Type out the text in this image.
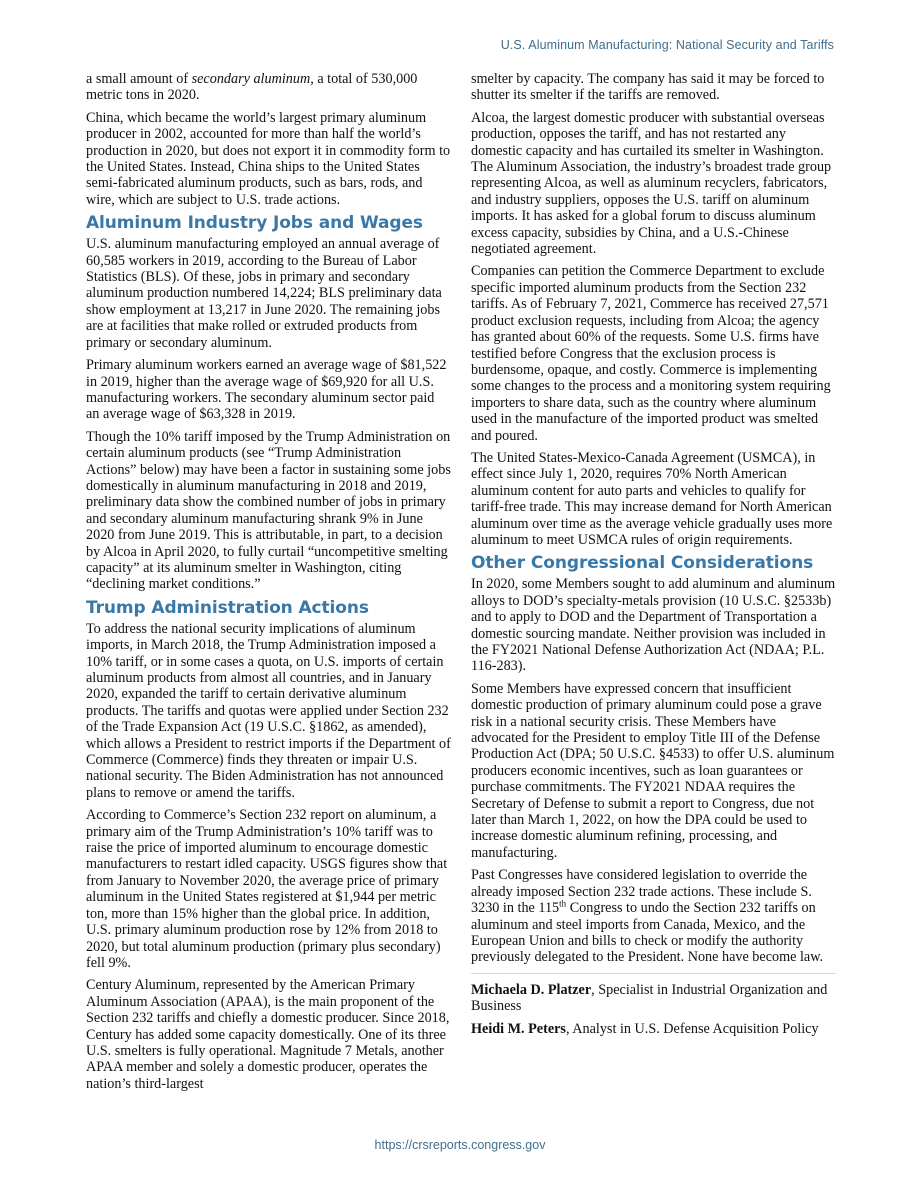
U.S. Aluminum Manufacturing: National Security and Tariffs

a small amount of secondary aluminum, a total of 530,000 metric tons in 2020.

China, which became the world’s largest primary aluminum producer in 2002, accounted for more than half the world’s production in 2020, but does not export it in commodity form to the United States. Instead, China ships to the United States semi-fabricated aluminum products, such as bars, rods, and wire, which are subject to U.S. trade actions.

Aluminum Industry Jobs and Wages

U.S. aluminum manufacturing employed an annual average of 60,585 workers in 2019, according to the Bureau of Labor Statistics (BLS). Of these, jobs in primary and secondary aluminum production numbered 14,224; BLS preliminary data show employment at 13,217 in June 2020. The remaining jobs are at facilities that make rolled or extruded products from primary or secondary aluminum.

Primary aluminum workers earned an average wage of $81,522 in 2019, higher than the average wage of $69,920 for all U.S. manufacturing workers. The secondary aluminum sector paid an average wage of $63,328 in 2019.

Though the 10% tariff imposed by the Trump Administration on certain aluminum products (see “Trump Administration Actions” below) may have been a factor in sustaining some jobs domestically in aluminum manufacturing in 2018 and 2019, preliminary data show the combined number of jobs in primary and secondary aluminum manufacturing shrank 9% in June 2020 from June 2019. This is attributable, in part, to a decision by Alcoa in April 2020, to fully curtail “uncompetitive smelting capacity” at its aluminum smelter in Washington, citing “declining market conditions.”

Trump Administration Actions

To address the national security implications of aluminum imports, in March 2018, the Trump Administration imposed a 10% tariff, or in some cases a quota, on U.S. imports of certain aluminum products from almost all countries, and in January 2020, expanded the tariff to certain derivative aluminum products. The tariffs and quotas were applied under Section 232 of the Trade Expansion Act (19 U.S.C. §1862, as amended), which allows a President to restrict imports if the Department of Commerce (Commerce) finds they threaten or impair U.S. national security. The Biden Administration has not announced plans to remove or amend the tariffs.

According to Commerce’s Section 232 report on aluminum, a primary aim of the Trump Administration’s 10% tariff was to raise the price of imported aluminum to encourage domestic manufacturers to restart idled capacity. USGS figures show that from January to November 2020, the average price of primary aluminum in the United States registered at $1,944 per metric ton, more than 15% higher than the global price. In addition, U.S. primary aluminum production rose by 12% from 2018 to 2020, but total aluminum production (primary plus secondary) fell 9%.

Century Aluminum, represented by the American Primary Aluminum Association (APAA), is the main proponent of the Section 232 tariffs and chiefly a domestic producer. Since 2018, Century has added some capacity domestically. One of its three U.S. smelters is fully operational. Magnitude 7 Metals, another APAA member and solely a domestic producer, operates the nation’s third-largest

smelter by capacity. The company has said it may be forced to shutter its smelter if the tariffs are removed.

Alcoa, the largest domestic producer with substantial overseas production, opposes the tariff, and has not restarted any domestic capacity and has curtailed its smelter in Washington. The Aluminum Association, the industry’s broadest trade group representing Alcoa, as well as aluminum recyclers, fabricators, and industry suppliers, opposes the U.S. tariff on aluminum imports. It has asked for a global forum to discuss aluminum excess capacity, subsidies by China, and a U.S.-Chinese negotiated agreement.

Companies can petition the Commerce Department to exclude specific imported aluminum products from the Section 232 tariffs. As of February 7, 2021, Commerce has received 27,571 product exclusion requests, including from Alcoa; the agency has granted about 60% of the requests. Some U.S. firms have testified before Congress that the exclusion process is burdensome, opaque, and costly. Commerce is implementing some changes to the process and a monitoring system requiring importers to share data, such as the country where aluminum used in the manufacture of the imported product was smelted and poured.

The United States-Mexico-Canada Agreement (USMCA), in effect since July 1, 2020, requires 70% North American aluminum content for auto parts and vehicles to qualify for tariff-free trade. This may increase demand for North American aluminum over time as the average vehicle gradually uses more aluminum to meet USMCA rules of origin requirements.

Other Congressional Considerations

In 2020, some Members sought to add aluminum and aluminum alloys to DOD’s specialty-metals provision (10 U.S.C. §2533b) and to apply to DOD and the Department of Transportation a domestic sourcing mandate. Neither provision was included in the FY2021 National Defense Authorization Act (NDAA; P.L. 116-283).

Some Members have expressed concern that insufficient domestic production of primary aluminum could pose a grave risk in a national security crisis. These Members have advocated for the President to employ Title III of the Defense Production Act (DPA; 50 U.S.C. §4533) to offer U.S. aluminum producers economic incentives, such as loan guarantees or purchase commitments. The FY2021 NDAA requires the Secretary of Defense to submit a report to Congress, due not later than March 1, 2022, on how the DPA could be used to increase domestic aluminum refining, processing, and manufacturing.

Past Congresses have considered legislation to override the already imposed Section 232 trade actions. These include S. 3230 in the 115th Congress to undo the Section 232 tariffs on aluminum and steel imports from Canada, Mexico, and the European Union and bills to check or modify the authority previously delegated to the President. None have become law.

Michaela D. Platzer, Specialist in Industrial Organization and Business

Heidi M. Peters, Analyst in U.S. Defense Acquisition Policy

https://crsreports.congress.gov
